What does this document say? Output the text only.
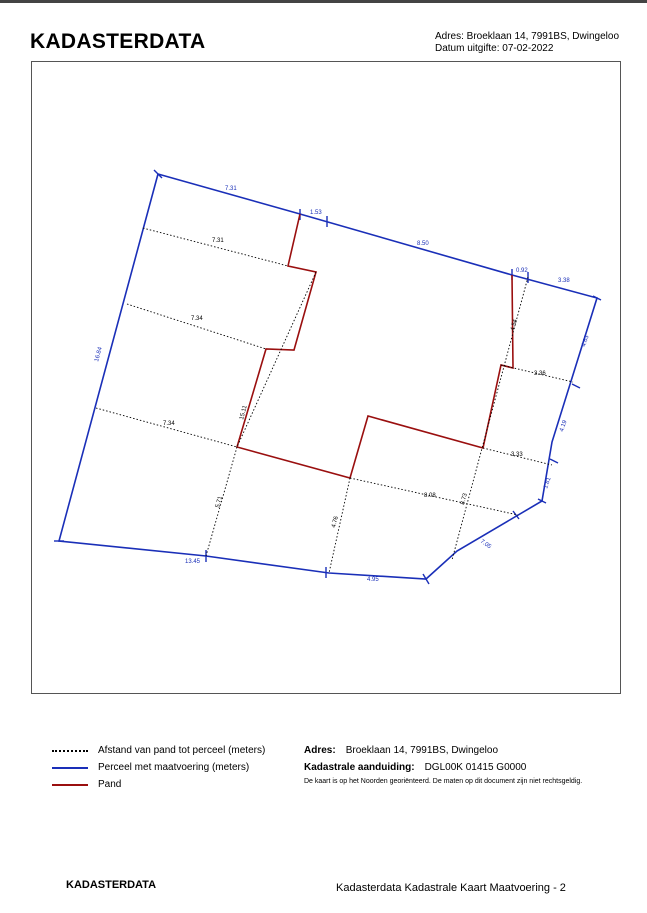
KADASTERDATA	Adres: Broeklaan 14, 7991BS, Dwingeloo
Datum uitgifte: 07-02-2022
7.31
1.53
8.50
0.92
3.38
4.63
4.19
1.81
7.05
4.95
13.45
16.84
7.31
7.34
7.34
3.36
3.33
8.08	8.73
4.54
15.11
5.71
4.76
Afstand van pand tot perceel (meters)
Perceel met maatvoering (meters)
Pand
Adres: Broeklaan 14, 7991BS, Dwingeloo
Kadastrale aanduiding: DGL00K 01415 G0000
De kaart is op het Noorden georiënteerd. De maten op dit document zijn niet rechtsgeldig.
KADASTERDATA	Kadasterdata Kadastrale Kaart Maatvoering - 2
